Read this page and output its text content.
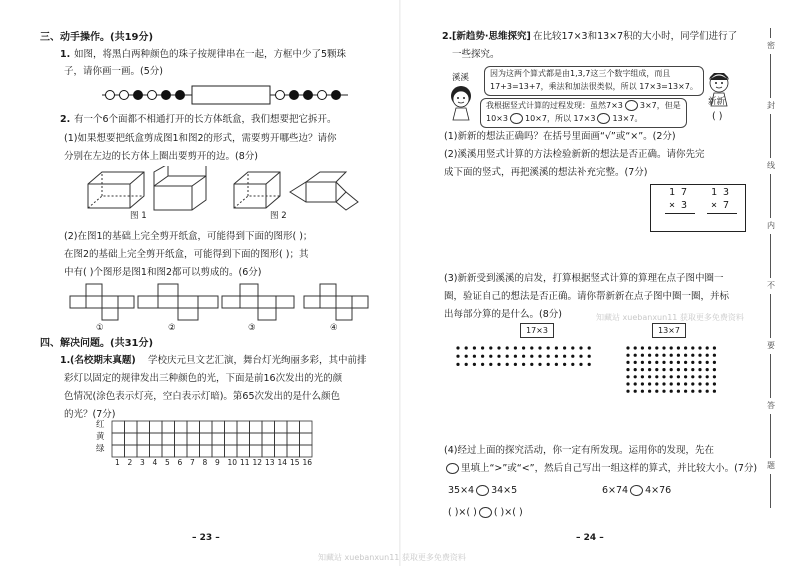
三、动手操作。(共19分)
1. 如图，将黑白两种颜色的珠子按规律串在一起，方框中少了5颗珠
子，请你画一画。(5分)
2. 有一个6个面都不相通打开的长方体纸盒，我们想要把它拆开。
(1)如果想要把纸盒剪成图1和图2的形式，需要剪开哪些边？请你
分别在左边的长方体上圈出要剪开的边。(8分)
图 1	图 2
(2)在图1的基础上完全剪开纸盒，可能得到下面的图形( )；
在图2的基础上完全剪开纸盒，可能得到下面的图形( )；其
中有( )个图形是图1和图2都可以剪成的。(6分)
①	②	③	④
四、解决问题。(共31分)
1. (名校期末真题) 学校庆元旦文艺汇演，舞台灯光绚丽多彩，其中前排
彩灯以固定的规律发出三种颜色的光，下面是前16次发出的光的颜
色情况(涂色表示灯亮，空白表示灯暗)。第65次发出的是什么颜色
的光？(7分)
红
黄
绿
1 2 3 4 5 6 7 8 9 10 11 12 13 14 15 16
– 23 –
2. [新趋势·思维探究] 在比较17×3和13×7积的大小时，同学们进行了
一些探究。
溪溪	因为这两个算式都是由1,3,7这三个数字组成，而且
17+3=13+7，乘法和加法很类似，所以 17×3=13×7。
我根据竖式计算的过程发现：虽然7×3 3×7，但是
10×3 10×7，所以 17×3 13×7。
新新
( )
(1)新新的想法正确吗？在括号里面画“√”或“×”。(2分)
(2)溪溪用竖式计算的方法检验新新的想法是否正确。请你先完
成下面的竖式，再把溪溪的想法补充完整。(7分)
1 7
× 3
1 3
× 7
(3)新新受到溪溪的启发，打算根据竖式计算的算理在点子图中圈一
圈，验证自己的想法是否正确。请你帮新新在点子图中圈一圈，并标
出每部分算的是什么。(8分)	知藏站 xuebanxun11 获取更多免费资料
17×3	13×7
(4)经过上面的探究活动，你一定有所发现。运用你的发现，先在
里填上“>”或“<”，然后自己写出一组这样的算式，并比较大小。(7分)
35×4 34×5	6×74 4×76
( )×( ) ( )×( )
– 24 –
密
封
线
内
不
要
答
题
知藏站 xuebanxun11 获取更多免费资料
